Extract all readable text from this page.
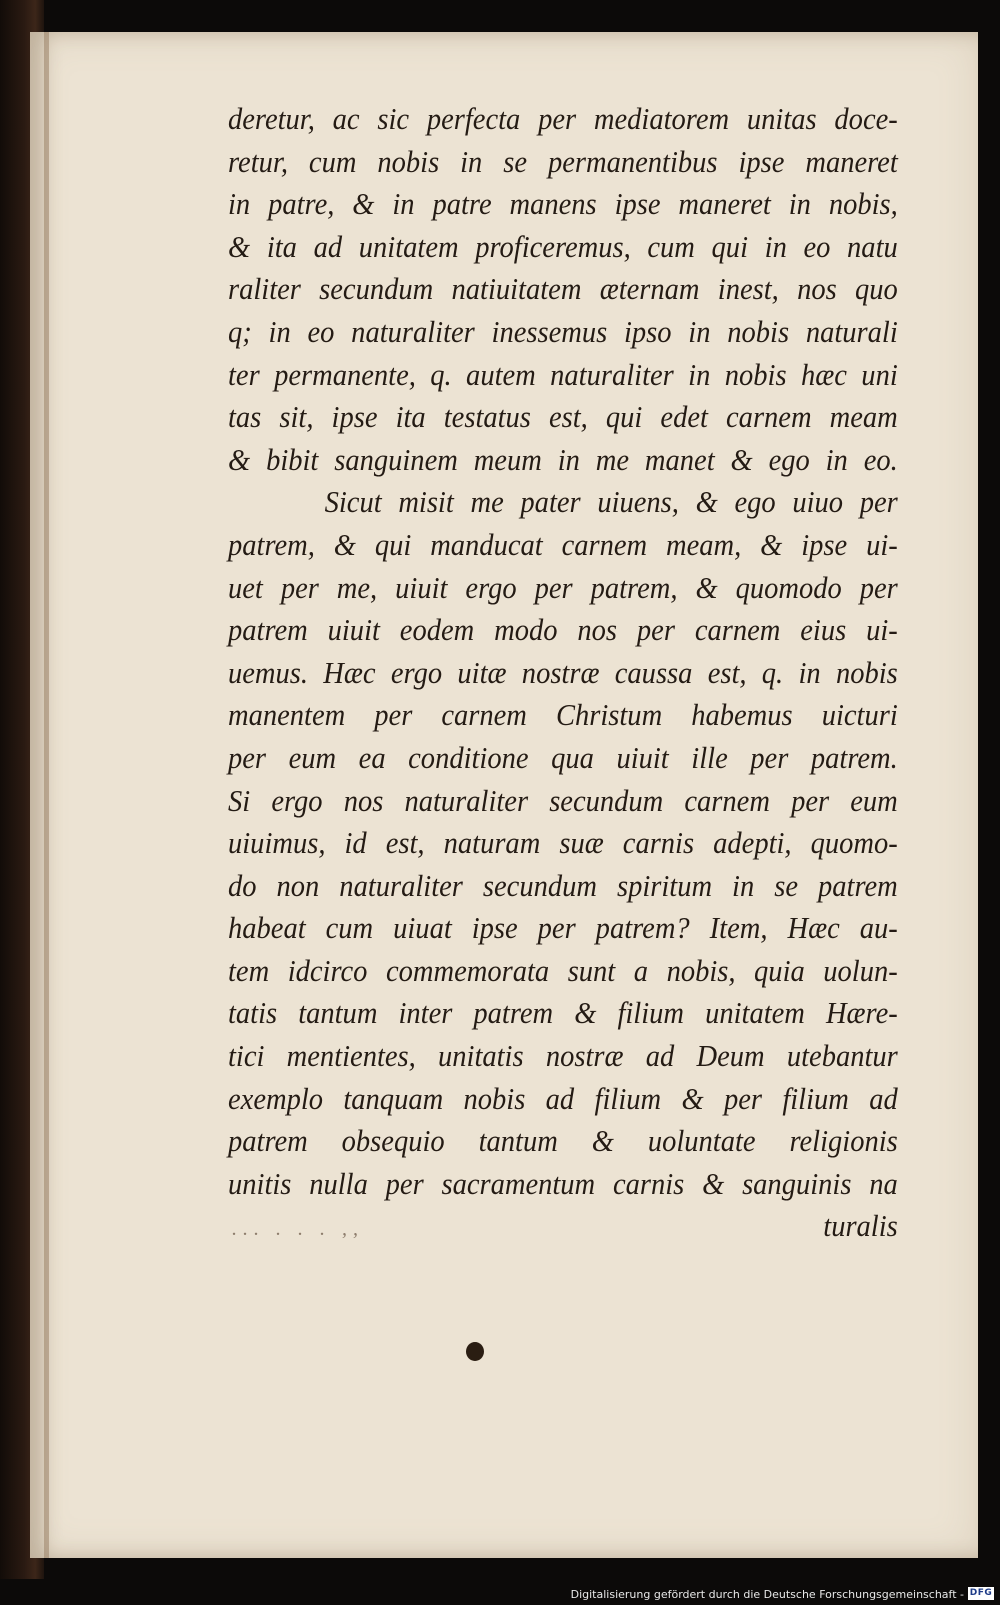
deretur, ac sic perfecta per mediatorem unitas doce-
retur, cum nobis in se permanentibus ipse maneret
in patre, & in patre manens ipse maneret in nobis,
& ita ad unitatem proficeremus, cum qui in eo natu
raliter secundum natiuitatem æternam inest, nos quo
q; in eo naturaliter inessemus ipso in nobis naturali
ter permanente, q. autem naturaliter in nobis hæc uni
tas sit, ipse ita testatus est, qui edet carnem meam
& bibit sanguinem meum in me manet & ego in eo.
Sicut misit me pater uiuens, & ego uiuo per
patrem, & qui manducat carnem meam, & ipse ui-
uet per me, uiuit ergo per patrem, & quomodo per
patrem uiuit eodem modo nos per carnem eius ui-
uemus. Hæc ergo uitæ nostræ caussa est, q. in nobis
manentem per carnem Christum habemus uicturi
per eum ea conditione qua uiuit ille per patrem.
Si ergo nos naturaliter secundum carnem per eum
uiuimus, id est, naturam suæ carnis adepti, quomo-
do non naturaliter secundum spiritum in se patrem
habeat cum uiuat ipse per patrem? Item, Hæc au-
tem idcirco commemorata sunt a nobis, quia uolun-
tatis tantum inter patrem & filium unitatem Hære-
tici mentientes, unitatis nostræ ad Deum utebantur
exemplo tanquam nobis ad filium & per filium ad
patrem obsequio tantum & uoluntate religionis
unitis nulla per sacramentum carnis & sanguinis na
turalis
... . . . ,,
Digitalisierung gefördert durch die Deutsche Forschungsgemeinschaft - DFG
